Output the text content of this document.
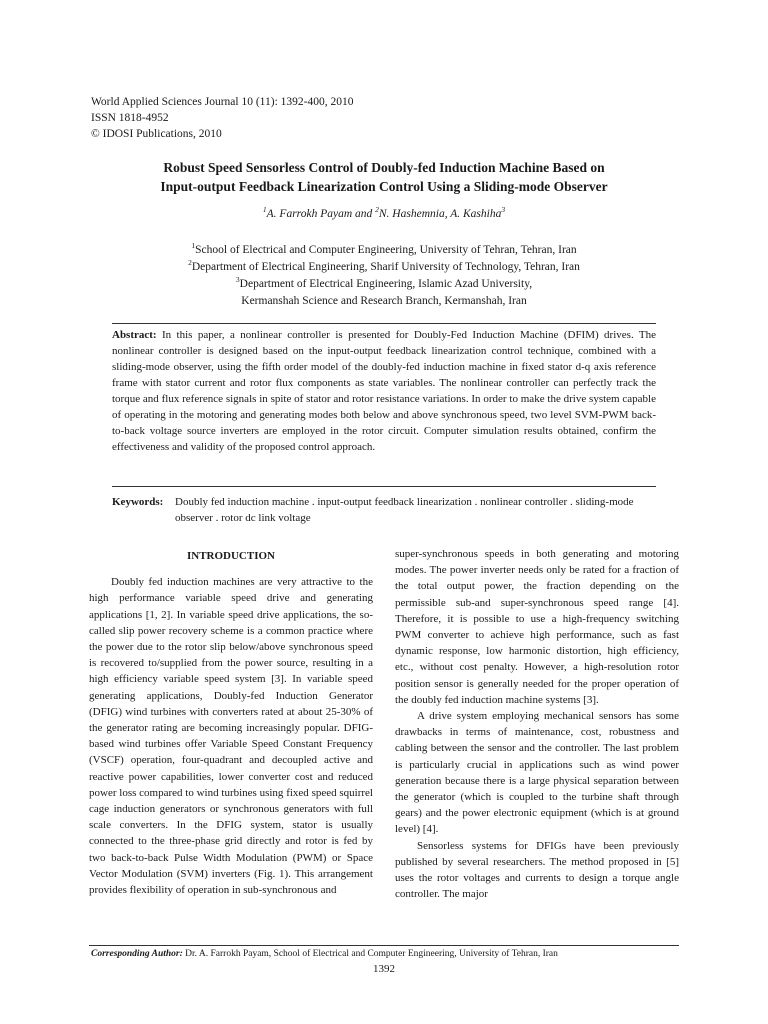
World Applied Sciences Journal 10 (11): 1392-400, 2010
ISSN 1818-4952
© IDOSI Publications, 2010
Robust Speed Sensorless Control of Doubly-fed Induction Machine Based on
Input-output Feedback Linearization Control Using a Sliding-mode Observer
$^1$A. Farrokh Payam and $^2$N. Hashemnia, A. Kashiha$^3$
$^1$School of Electrical and Computer Engineering, University of Tehran, Tehran, Iran
$^2$Department of Electrical Engineering, Sharif University of Technology, Tehran, Iran
$^3$Department of Electrical Engineering, Islamic Azad University,
Kermanshah Science and Research Branch, Kermanshah, Iran
Abstract: In this paper, a nonlinear controller is presented for Doubly-Fed Induction Machine (DFIM) drives. The nonlinear controller is designed based on the input-output feedback linearization control technique, combined with a sliding-mode observer, using the fifth order model of the doubly-fed induction machine in fixed stator d-q axis reference frame with stator current and rotor flux components as state variables. The nonlinear controller can perfectly track the torque and flux reference signals in spite of stator and rotor resistance variations. In order to make the drive system capable of operating in the motoring and generating modes both below and above synchronous speed, two level SVM-PWM back-to-back voltage source inverters are employed in the rotor circuit. Computer simulation results obtained, confirm the effectiveness and validity of the proposed control approach.
Keywords:	Doubly fed induction machine . input-output feedback linearization . nonlinear controller . sliding-mode observer . rotor dc link voltage
INTRODUCTION

Doubly fed induction machines are very attractive to the high performance variable speed drive and generating applications [1, 2]. In variable speed drive applications, the so-called slip power recovery scheme is a common practice where the power due to the rotor slip below/above synchronous speed is recovered to/supplied from the power source, resulting in a high efficiency variable speed system [3]. In variable speed generating applications, Doubly-fed Induction Generator (DFIG) wind turbines with converters rated at about 25-30% of the generator rating are becoming increasingly popular. DFIG-based wind turbines offer Variable Speed Constant Frequency (VSCF) operation, four-quadrant and decoupled active and reactive power capabilities, lower converter cost and reduced power loss compared to wind turbines using fixed speed squirrel cage induction generators or synchronous generators with full scale converters. In the DFIG system, stator is usually connected to the three-phase grid directly and rotor is fed by two back-to-back Pulse Width Modulation (PWM) or Space Vector Modulation (SVM) inverters (Fig. 1). This arrangement provides flexibility of operation in sub-synchronous and

super-synchronous speeds in both generating and motoring modes. The power inverter needs only be rated for a fraction of the total output power, the fraction depending on the permissible sub-and super-synchronous speed range [4]. Therefore, it is possible to use a high-frequency switching PWM converter to achieve high performance, such as fast dynamic response, low harmonic distortion, high efficiency, etc., without cost penalty. However, a high-resolution rotor position sensor is generally needed for the proper operation of the doubly fed induction machine systems [3].

A drive system employing mechanical sensors has some drawbacks in terms of maintenance, cost, robustness and cabling between the sensor and the controller. The last problem is particularly crucial in applications such as wind power generation because there is a large physical separation between the generator (which is coupled to the turbine shaft through gears) and the power electronic equipment (which is at ground level) [4].

Sensorless systems for DFIGs have been previously published by several researchers. The method proposed in [5] uses the rotor voltages and currents to design a torque angle controller. The major

Corresponding Author: Dr. A. Farrokh Payam, School of Electrical and Computer Engineering, University of Tehran, Iran
1392
